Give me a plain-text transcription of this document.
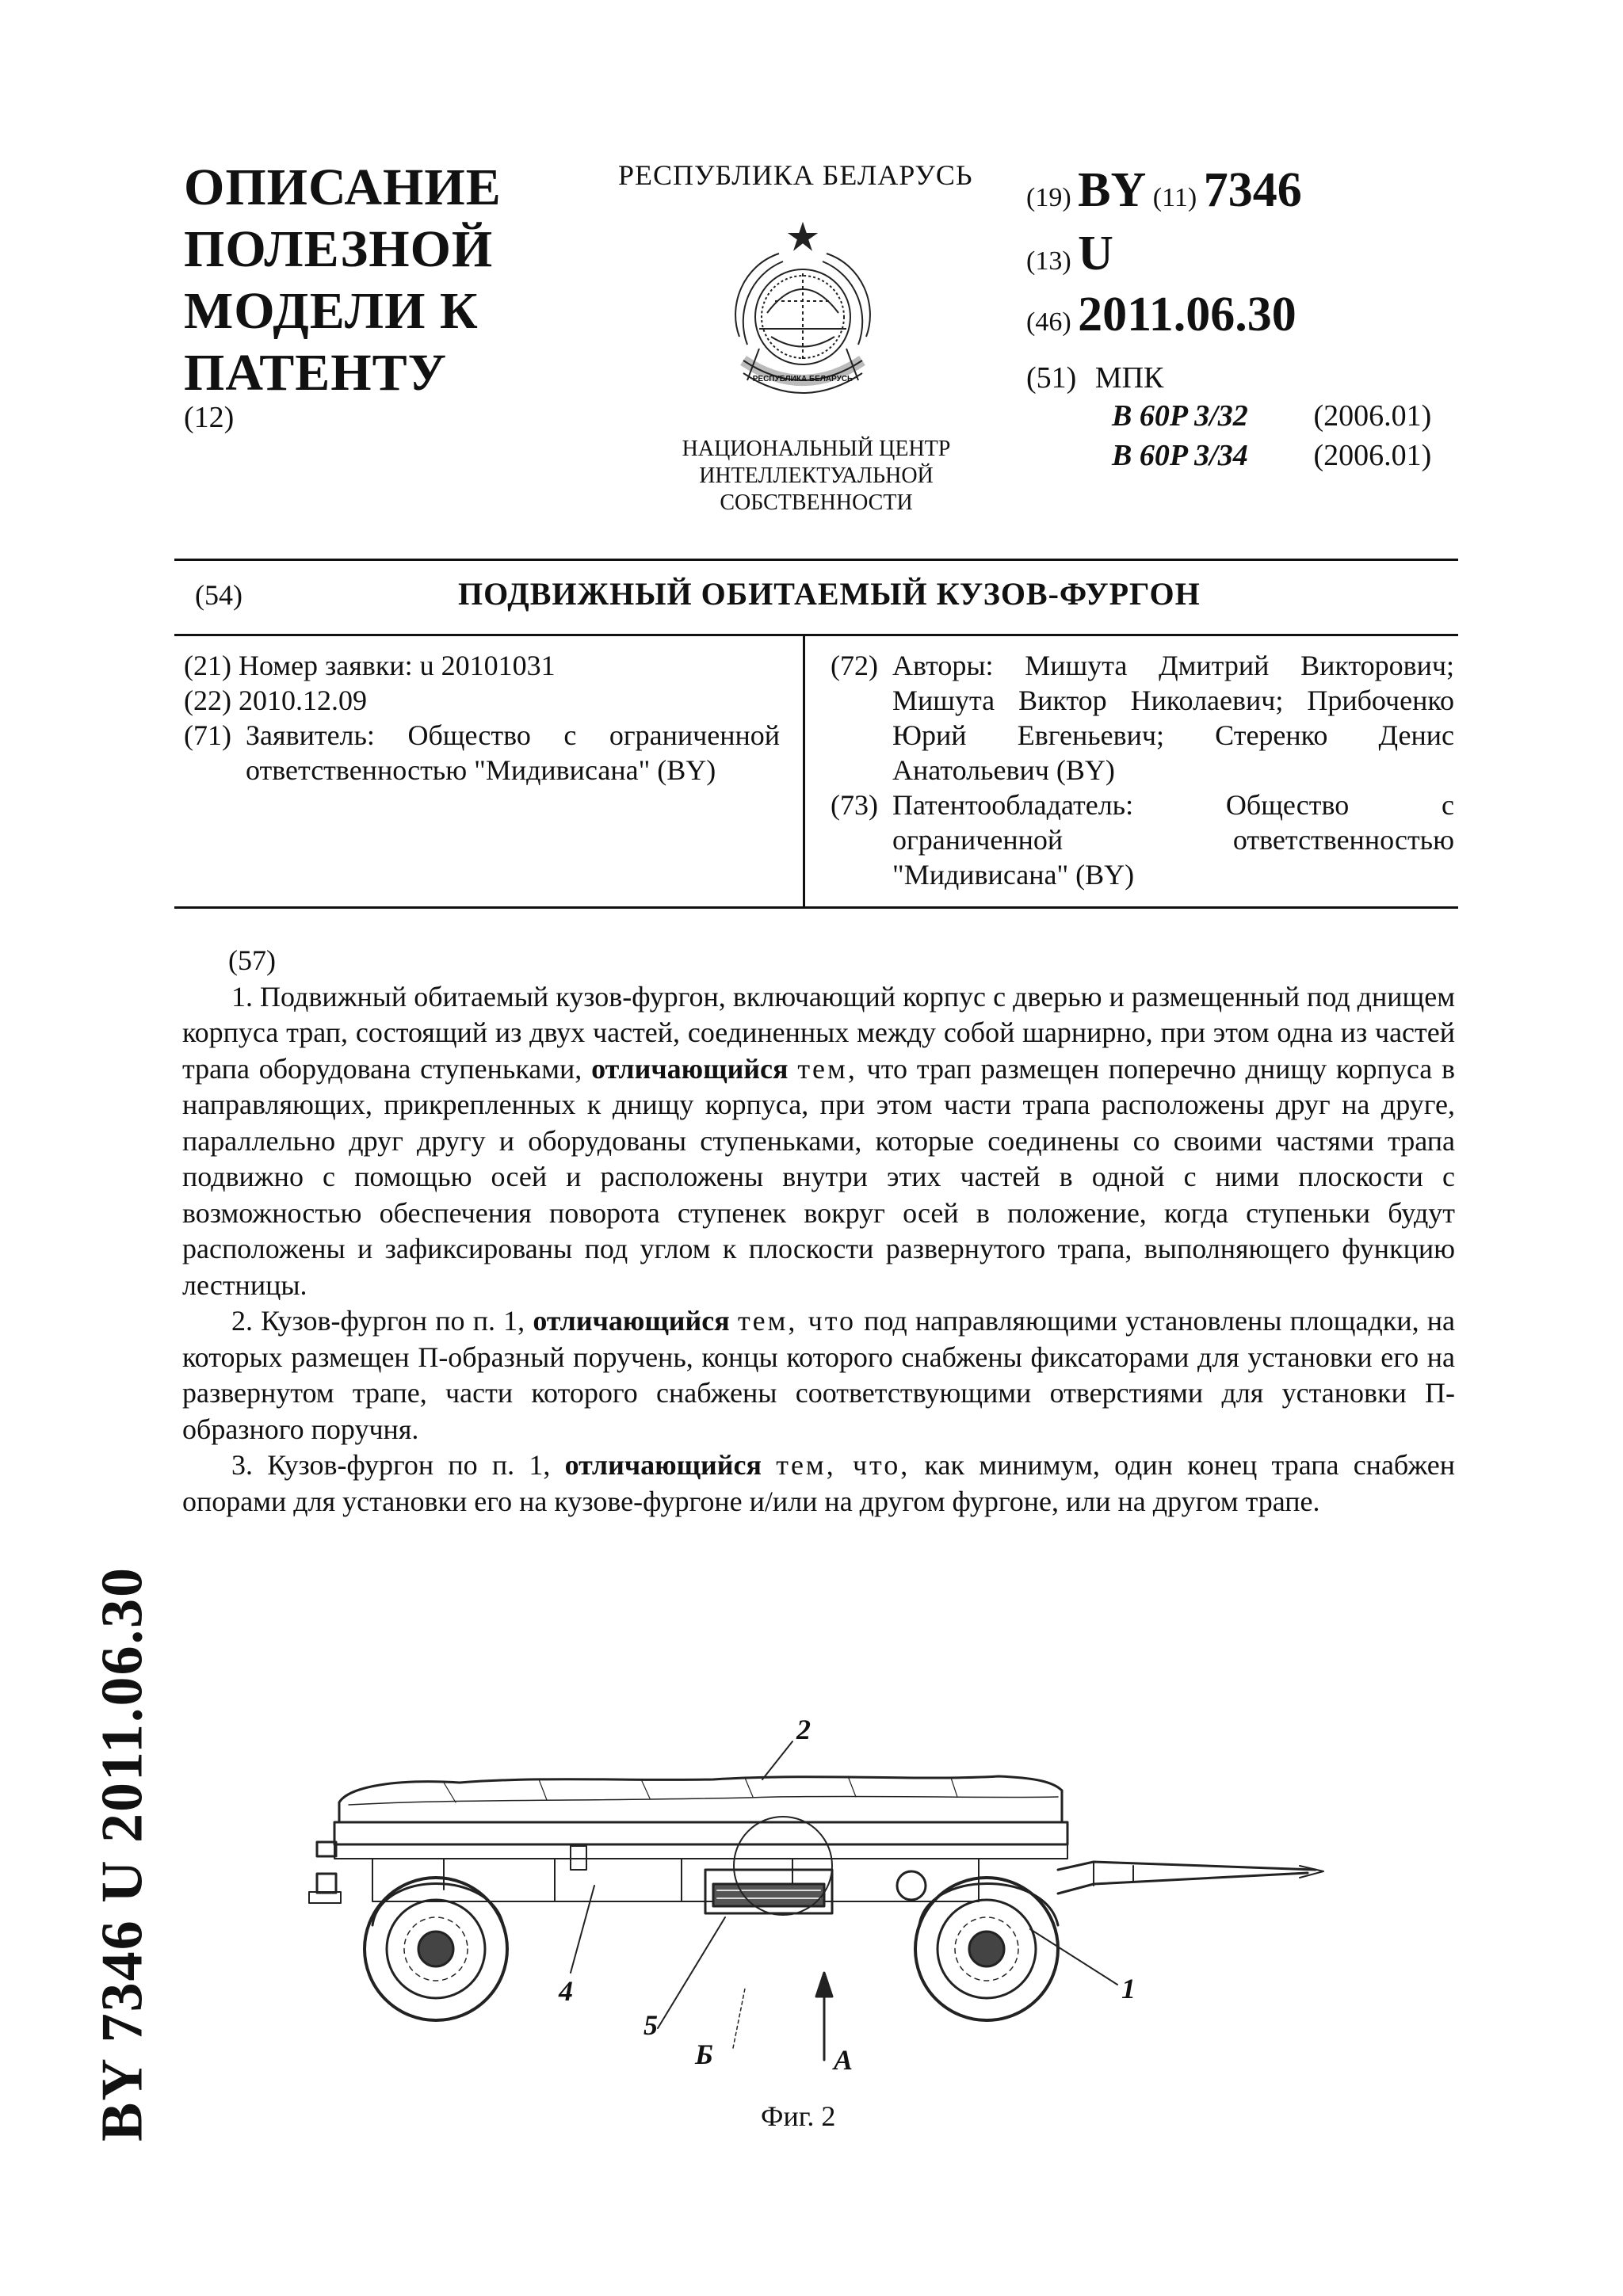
ОПИСАНИЕ
ПОЛЕЗНОЙ
МОДЕЛИ К
ПАТЕНТУ
(12)
РЕСПУБЛИКА БЕЛАРУСЬ
РЕСПУБЛИКА БЕЛАРУСЬ
НАЦИОНАЛЬНЫЙ ЦЕНТР
ИНТЕЛЛЕКТУАЛЬНОЙ
СОБСТВЕННОСТИ
(19) BY (11) 7346
(13) U
(46) 2011.06.30
(51) МПК
B 60P 3/32 (2006.01)
B 60P 3/34 (2006.01)
(54)	ПОДВИЖНЫЙ ОБИТАЕМЫЙ КУЗОВ-ФУРГОН
(21) Номер заявки: u 20101031
(22) 2010.12.09
(71) Заявитель: Общество с ограниченной ответственностью "Мидивисана" (BY)
(72) Авторы: Мишута Дмитрий Викторович; Мишута Виктор Николаевич; Прибоченко Юрий Евгеньевич; Стеренко Денис Анатольевич (BY)
(73) Патентообладатель: Общество с ограниченной ответственностью "Мидивисана" (BY)

(57)

1. Подвижный обитаемый кузов-фургон, включающий корпус с дверью и размещенный под днищем корпуса трап, состоящий из двух частей, соединенных между собой шарнирно, при этом одна из частей трапа оборудована ступеньками, отличающийся тем, что трап размещен поперечно днищу корпуса в направляющих, прикрепленных к днищу корпуса, при этом части трапа расположены друг на друге, параллельно друг другу и оборудованы ступеньками, которые соединены со своими частями трапа подвижно с помощью осей и расположены внутри этих частей в одной с ними плоскости с возможностью обеспечения поворота ступенек вокруг осей в положение, когда ступеньки будут расположены и зафиксированы под углом к плоскости развернутого трапа, выполняющего функцию лестницы.

2. Кузов-фургон по п. 1, отличающийся тем, что под направляющими установлены площадки, на которых размещен П-образный поручень, концы которого снабжены фиксаторами для установки его на развернутом трапе, части которого снабжены соответствующими отверстиями для установки П-образного поручня.

3. Кузов-фургон по п. 1, отличающийся тем, что, как минимум, один конец трапа снабжен опорами для установки его на кузове-фургоне и/или на другом фургоне, или на другом трапе.

BY 7346 U 2011.06.30	2
4
5
Б	А
1
Фиг. 2
